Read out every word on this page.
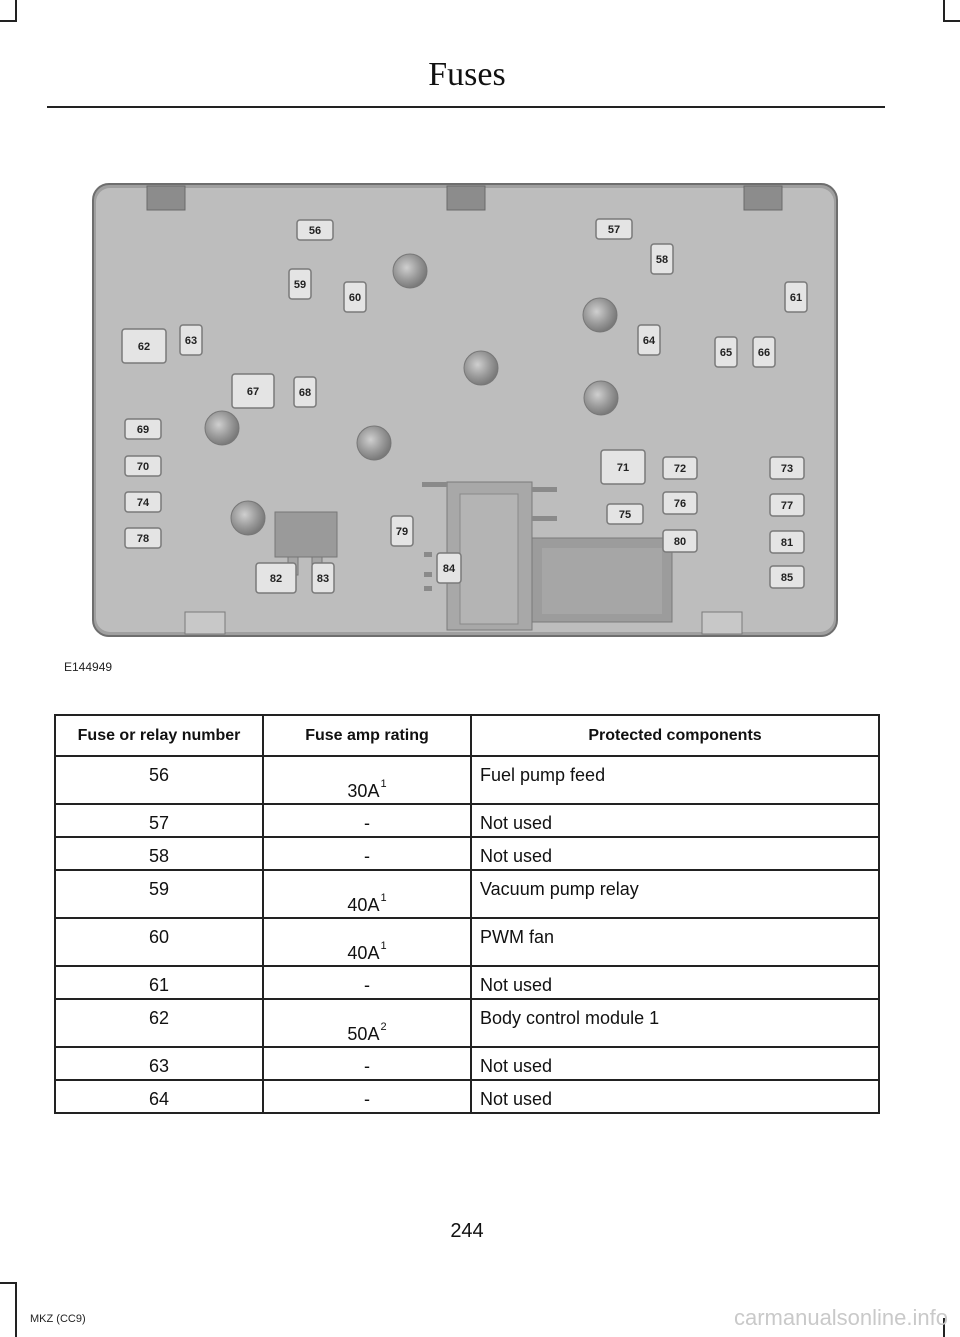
Fuses
56	57
58
59
60	61
62	63	64
65 66
67	68
69
70	71	72	73
74
75
76	77
78
79
80	81
82	83
84
85
E144949
Fuse or relay number	Fuse amp rating	Protected components
56	$30A^1$	Fuel pump feed
57	-	Not used
58	-	Not used
59	$40A^1$	Vacuum pump relay
60	$40A^1$	PWM fan
61	-	Not used
62	$50A^2$	Body control module 1
63	-	Not used
64	-	Not used
244
MKZ (CC9)	carmanualsonline.info
